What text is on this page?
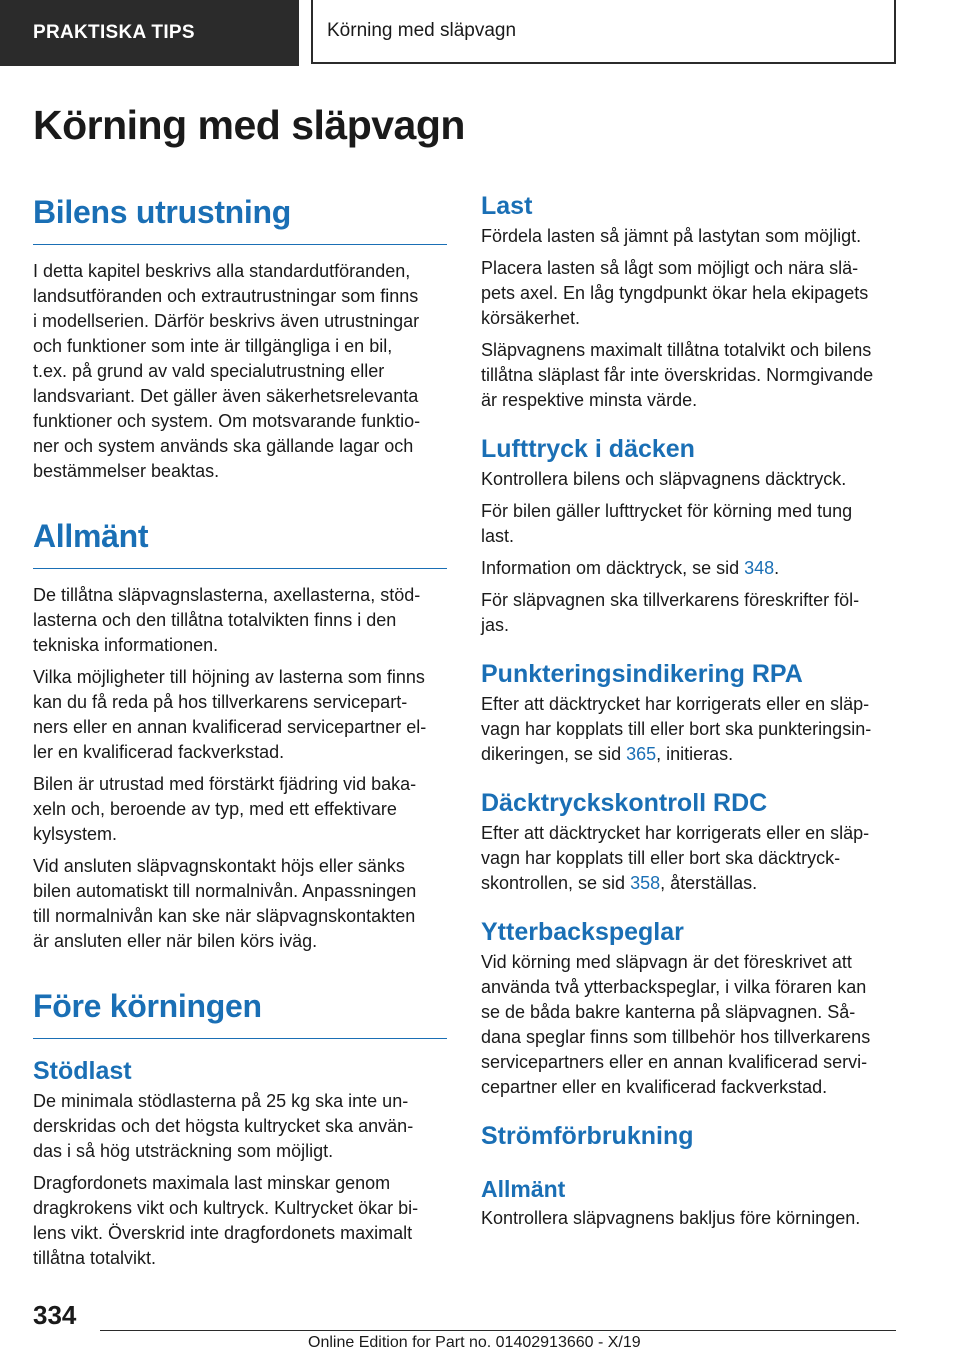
PRAKTISKA TIPS	Körning med släpvagn
Körning med släpvagn
Bilens utrustning

I detta kapitel beskrivs alla standardutföranden,
landsutföranden och extrautrustningar som finns
i modellserien. Därför beskrivs även utrustningar
och funktioner som inte är tillgängliga i en bil,
t.ex. på grund av vald specialutrustning eller
landsvariant. Det gäller även säkerhetsrelevanta
funktioner och system. Om motsvarande funktio-
ner och system används ska gällande lagar och
bestämmelser beaktas.

Allmänt

De tillåtna släpvagnslasterna, axellasterna, stöd-
lasterna och den tillåtna totalvikten finns i den
tekniska informationen.

Vilka möjligheter till höjning av lasterna som finns
kan du få reda på hos tillverkarens servicepart-
ners eller en annan kvalificerad servicepartner el-
ler en kvalificerad fackverkstad.

Bilen är utrustad med förstärkt fjädring vid baka-
xeln och, beroende av typ, med ett effektivare
kylsystem.

Vid ansluten släpvagnskontakt höjs eller sänks
bilen automatiskt till normalnivån. Anpassningen
till normalnivån kan ske när släpvagnskontakten
är ansluten eller när bilen körs iväg.

Före körningen
Stödlast

De minimala stödlasterna på 25 kg ska inte un-
derskridas och det högsta kultrycket ska använ-
das i så hög utsträckning som möjligt.

Dragfordonets maximala last minskar genom
dragkrokens vikt och kultryck. Kultrycket ökar bi-
lens vikt. Överskrid inte dragfordonets maximalt
tillåtna totalvikt.

Last

Fördela lasten så jämnt på lastytan som möjligt.

Placera lasten så lågt som möjligt och nära slä-
pets axel. En låg tyngdpunkt ökar hela ekipagets
körsäkerhet.

Släpvagnens maximalt tillåtna totalvikt och bilens
tillåtna släplast får inte överskridas. Normgivande
är respektive minsta värde.

Lufttryck i däcken

Kontrollera bilens och släpvagnens däcktryck.

För bilen gäller lufttrycket för körning med tung
last.

Information om däcktryck, se sid 348.

För släpvagnen ska tillverkarens föreskrifter föl-
jas.

Punkteringsindikering RPA

Efter att däcktrycket har korrigerats eller en släp-
vagn har kopplats till eller bort ska punkteringsin-
dikeringen, se sid 365, initieras.

Däcktryckskontroll RDC

Efter att däcktrycket har korrigerats eller en släp-
vagn har kopplats till eller bort ska däcktryck-
skontrollen, se sid 358, återställas.

Ytterbackspeglar

Vid körning med släpvagn är det föreskrivet att
använda två ytterbackspeglar, i vilka föraren kan
se de båda bakre kanterna på släpvagnen. Så-
dana speglar finns som tillbehör hos tillverkarens
servicepartners eller en annan kvalificerad servi-
cepartner eller en kvalificerad fackverkstad.

Strömförbrukning
Allmänt

Kontrollera släpvagnens bakljus före körningen.

334
Online Edition for Part no. 01402913660 - X/19
